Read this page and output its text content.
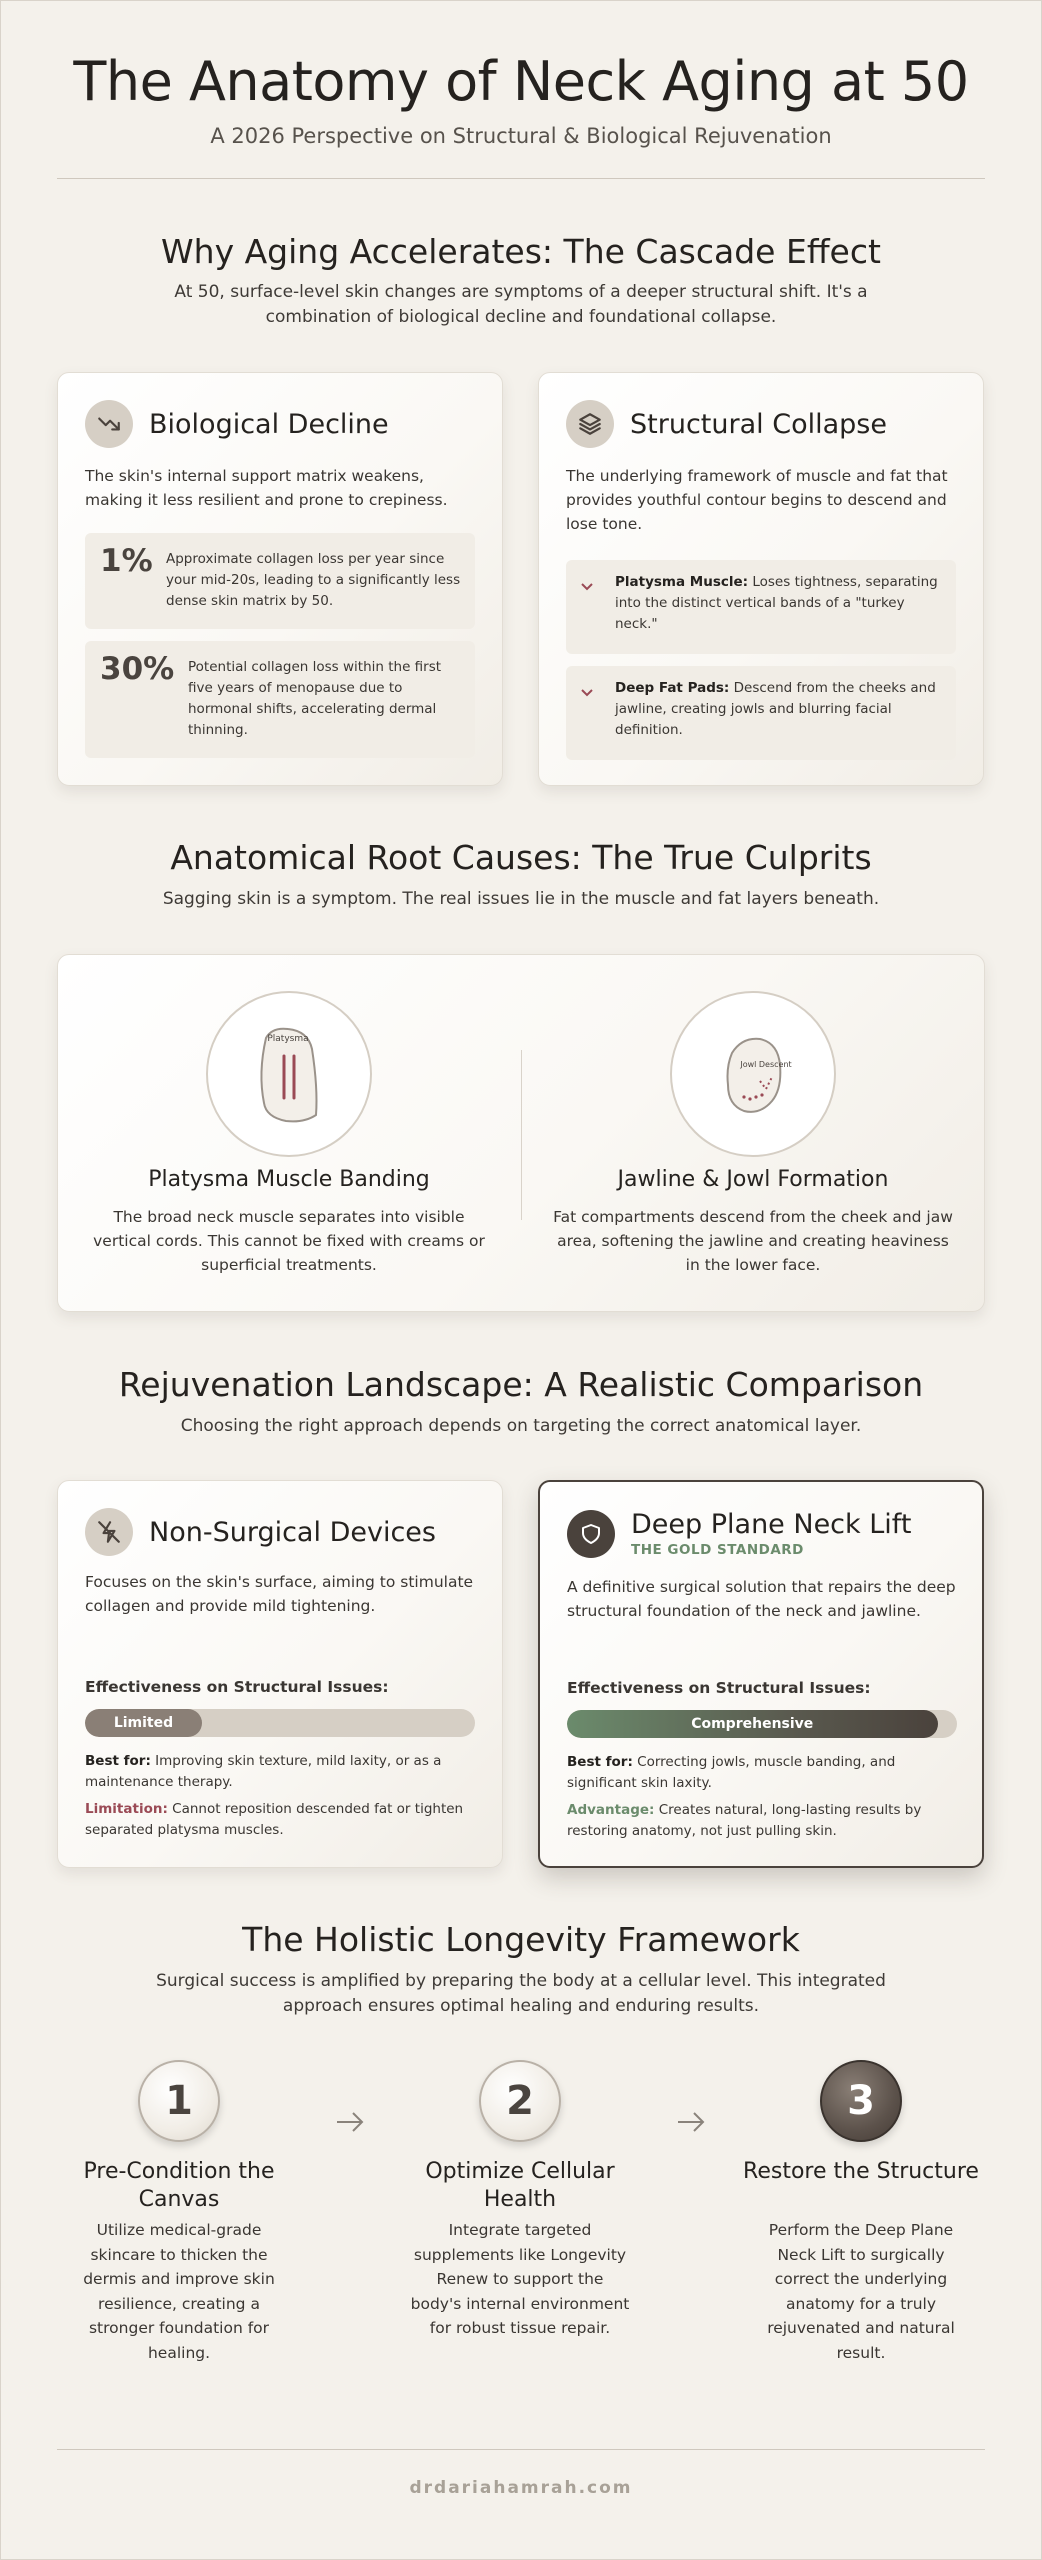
The Anatomy of Neck Aging at 50
A 2026 Perspective on Structural & Biological Rejuvenation
Why Aging Accelerates: The Cascade Effect
At 50, surface-level skin changes are symptoms of a deeper structural shift. It's a combination of biological decline and foundational collapse.
Biological Decline
The skin's internal support matrix weakens, making it less resilient and prone to crepiness.
1% Approximate collagen loss per year since your mid-20s, leading to a significantly less dense skin matrix by 50.
30% Potential collagen loss within the first five years of menopause due to hormonal shifts, accelerating dermal thinning.
Structural Collapse
The underlying framework of muscle and fat that provides youthful contour begins to descend and lose tone.
Platysma Muscle: Loses tightness, separating into the distinct vertical bands of a "turkey neck."
Deep Fat Pads: Descend from the cheeks and jawline, creating jowls and blurring facial definition.
Anatomical Root Causes: The True Culprits
Sagging skin is a symptom. The real issues lie in the muscle and fat layers beneath.
Platysma
Platysma Muscle Banding
The broad neck muscle separates into visible vertical cords. This cannot be fixed with creams or superficial treatments.
Jowl Descent
Jawline & Jowl Formation
Fat compartments descend from the cheek and jaw area, softening the jawline and creating heaviness in the lower face.
Rejuvenation Landscape: A Realistic Comparison
Choosing the right approach depends on targeting the correct anatomical layer.
Non-Surgical Devices
Focuses on the skin's surface, aiming to stimulate collagen and provide mild tightening.
Effectiveness on Structural Issues:
Limited
Best for: Improving skin texture, mild laxity, or as a maintenance therapy.
Limitation: Cannot reposition descended fat or tighten separated platysma muscles.
Deep Plane Neck Lift
THE GOLD STANDARD
A definitive surgical solution that repairs the deep structural foundation of the neck and jawline.
Effectiveness on Structural Issues:
Comprehensive
Best for: Correcting jowls, muscle banding, and significant skin laxity.
Advantage: Creates natural, long-lasting results by restoring anatomy, not just pulling skin.
The Holistic Longevity Framework
Surgical success is amplified by preparing the body at a cellular level. This integrated approach ensures optimal healing and enduring results.
1
Pre-Condition the Canvas
Utilize medical-grade skincare to thicken the dermis and improve skin resilience, creating a stronger foundation for healing.
2
Optimize Cellular Health
Integrate targeted supplements like Longevity Renew to support the body's internal environment for robust tissue repair.
3
Restore the Structure
Perform the Deep Plane Neck Lift to surgically correct the underlying anatomy for a truly rejuvenated and natural result.
drdariahamrah.com
